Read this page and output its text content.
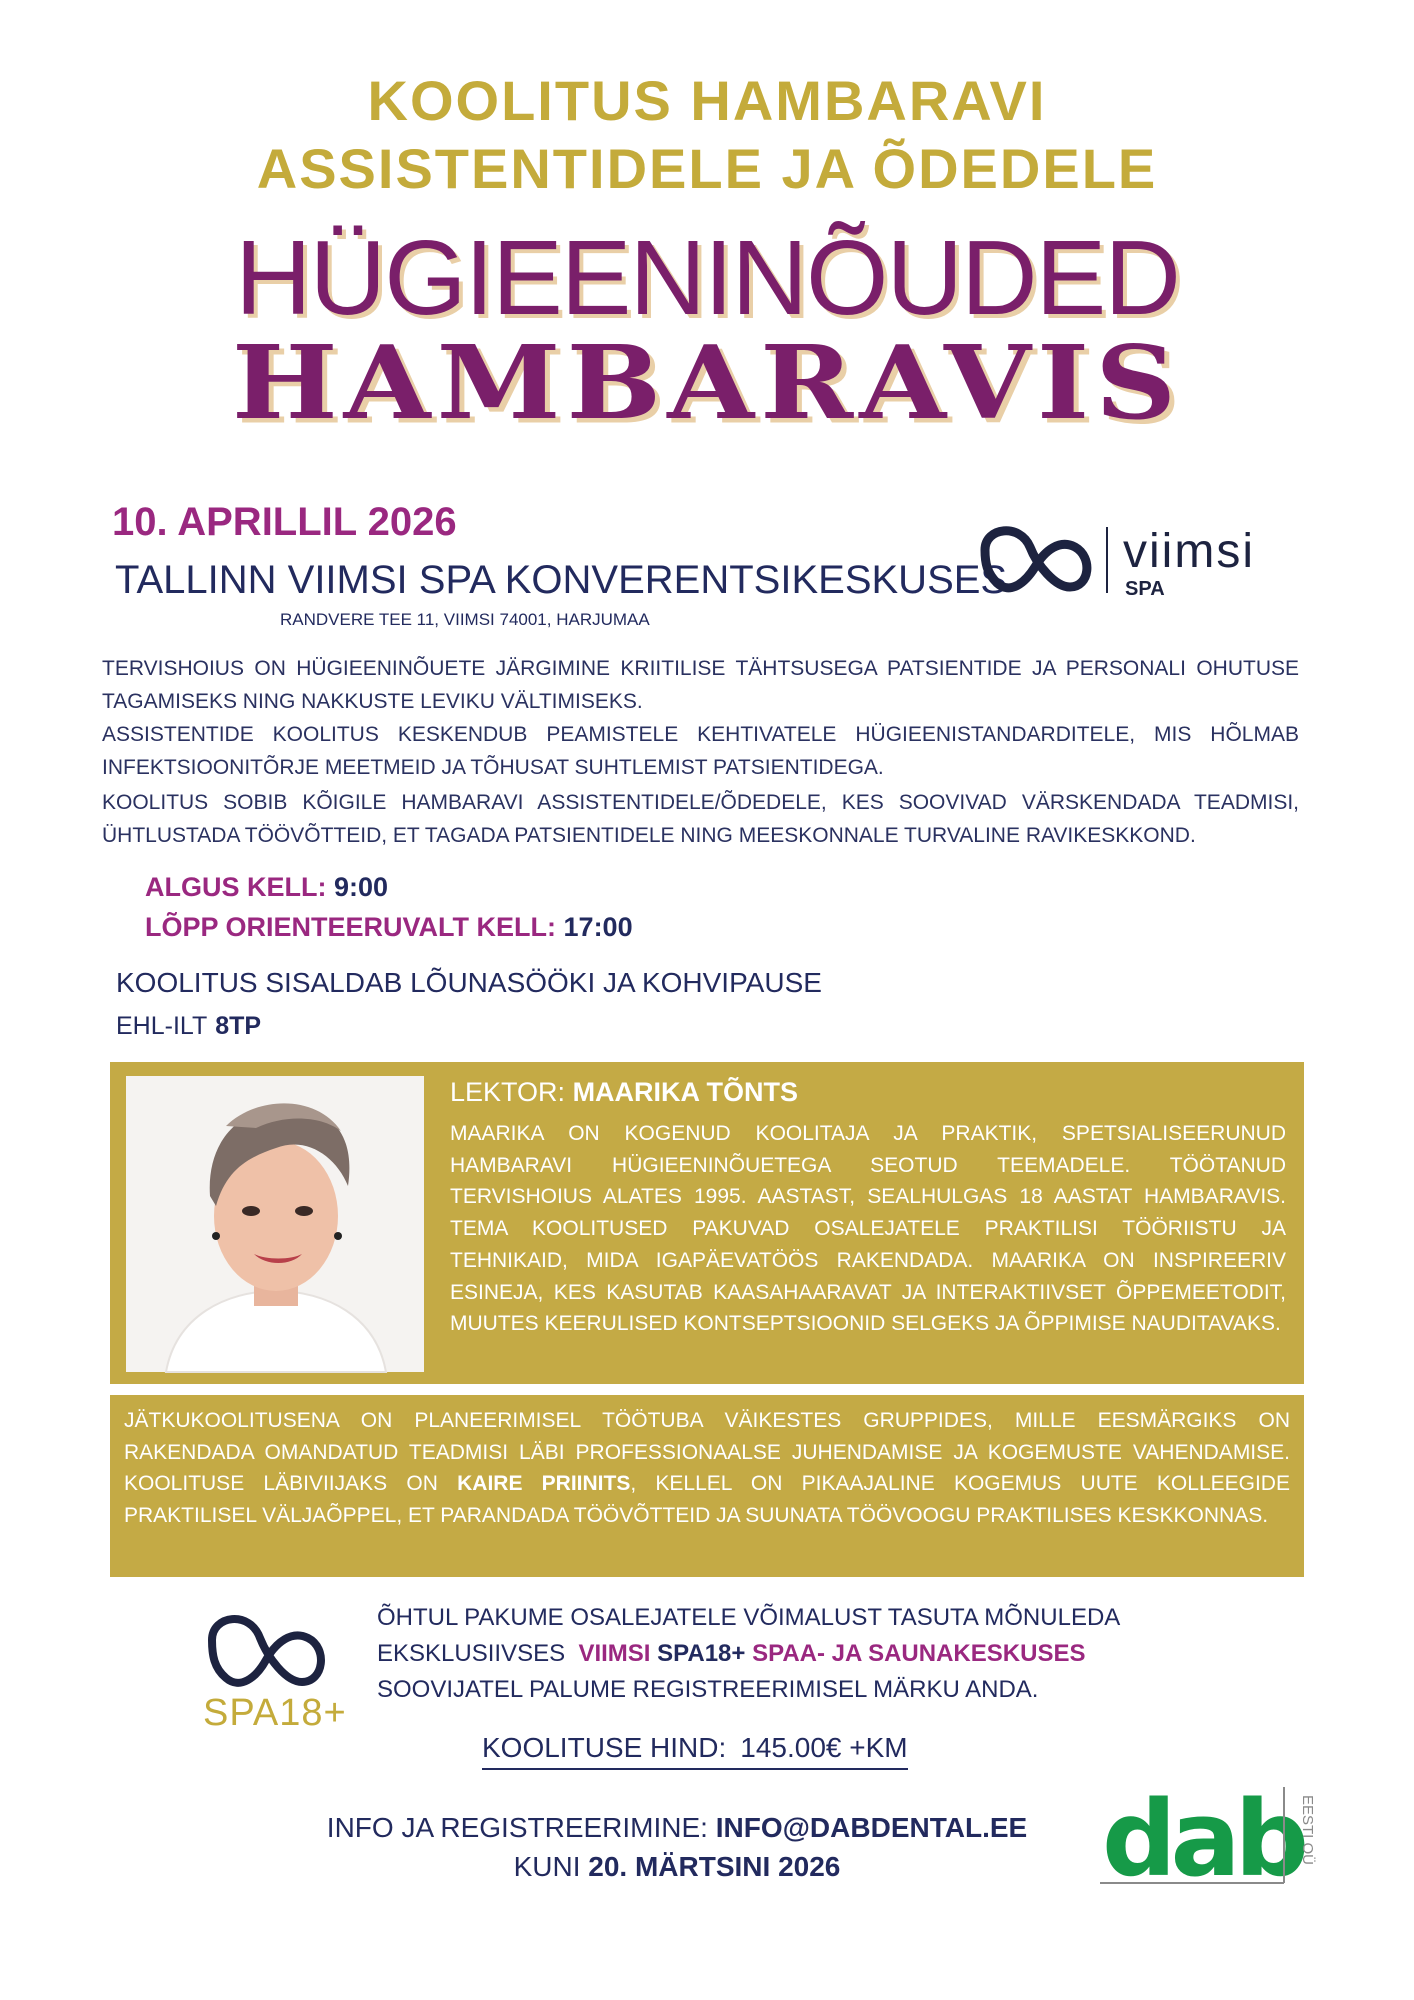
KOOLITUS HAMBARAVI
ASSISTENTIDELE JA ÕDEDELE
HÜGIEENINÕUDED
HAMBARAVIS
10. APRILLIL 2026
TALLINN VIIMSI SPA KONVERENTSIKESKUSES
RANDVERE TEE 11, VIIMSI 74001, HARJUMAA
viimsi
SPA
TERVISHOIUS ON HÜGIEENINÕUETE JÄRGIMINE KRIITILISE TÄHTSUSEGA PATSIENTIDE JA PERSONALI OHUTUSE TAGAMISEKS NING NAKKUSTE LEVIKU VÄLTIMISEKS.
ASSISTENTIDE KOOLITUS KESKENDUB PEAMISTELE KEHTIVATELE HÜGIEENISTANDARDITELE, MIS HÕLMAB INFEKTSIOONITÕRJE MEETMEID JA TÕHUSAT SUHTLEMIST PATSIENTIDEGA.
KOOLITUS SOBIB KÕIGILE HAMBARAVI ASSISTENTIDELE/ÕDEDELE, KES SOOVIVAD VÄRSKENDADA TEADMISI, ÜHTLUSTADA TÖÖVÕTTEID, ET TAGADA PATSIENTIDELE NING MEESKONNALE TURVALINE RAVIKESKKOND.
ALGUS KELL: 9:00
LÕPP ORIENTEERUVALT KELL: 17:00
KOOLITUS SISALDAB LÕUNASÖÖKI JA KOHVIPAUSE
EHL-ILT 8TP
LEKTOR: MAARIKA TÕNTS
MAARIKA ON KOGENUD KOOLITAJA JA PRAKTIK, SPETSIALISEERUNUD HAMBARAVI HÜGIEENINÕUETEGA SEOTUD TEEMADELE. TÖÖTANUD TERVISHOIUS ALATES 1995. AASTAST, SEALHULGAS 18 AASTAT HAMBARAVIS. TEMA KOOLITUSED PAKUVAD OSALEJATELE PRAKTILISI TÖÖRIISTU JA TEHNIKAID, MIDA IGAPÄEVATÖÖS RAKENDADA. MAARIKA ON INSPIREERIV ESINEJA, KES KASUTAB KAASAHAARAVAT JA INTERAKTIIVSET ÕPPEMEETODIT, MUUTES KEERULISED KONTSEPTSIOONID SELGEKS JA ÕPPIMISE NAUDITAVAKS.
JÄTKUKOOLITUSENA ON PLANEERIMISEL TÖÖTUBA VÄIKESTES GRUPPIDES, MILLE EESMÄRGIKS ON RAKENDADA OMANDATUD TEADMISI LÄBI PROFESSIONAALSE JUHENDAMISE JA KOGEMUSTE VAHENDAMISE. KOOLITUSE LÄBIVIIJAKS ON KAIRE PRIINITS, KELLEL ON PIKAAJALINE KOGEMUS UUTE KOLLEEGIDE PRAKTILISEL VÄLJAÕPPEL, ET PARANDADA TÖÖVÕTTEID JA SUUNATA TÖÖVOOGU PRAKTILISES KESKKONNAS.
SPA18+
ÕHTUL PAKUME OSALEJATELE VÕIMALUST TASUTA MÕNULEDA
EKSKLUSIIVSES VIIMSI SPA18+ SPAA- JA SAUNAKESKUSES
SOOVIJATEL PALUME REGISTREERIMISEL MÄRKU ANDA.
KOOLITUSE HIND: 145.00€ +KM
INFO JA REGISTREERIMINE: INFO@DABDENTAL.EE
KUNI 20. MÄRTSINI 2026	dab
EESTI OÜ
